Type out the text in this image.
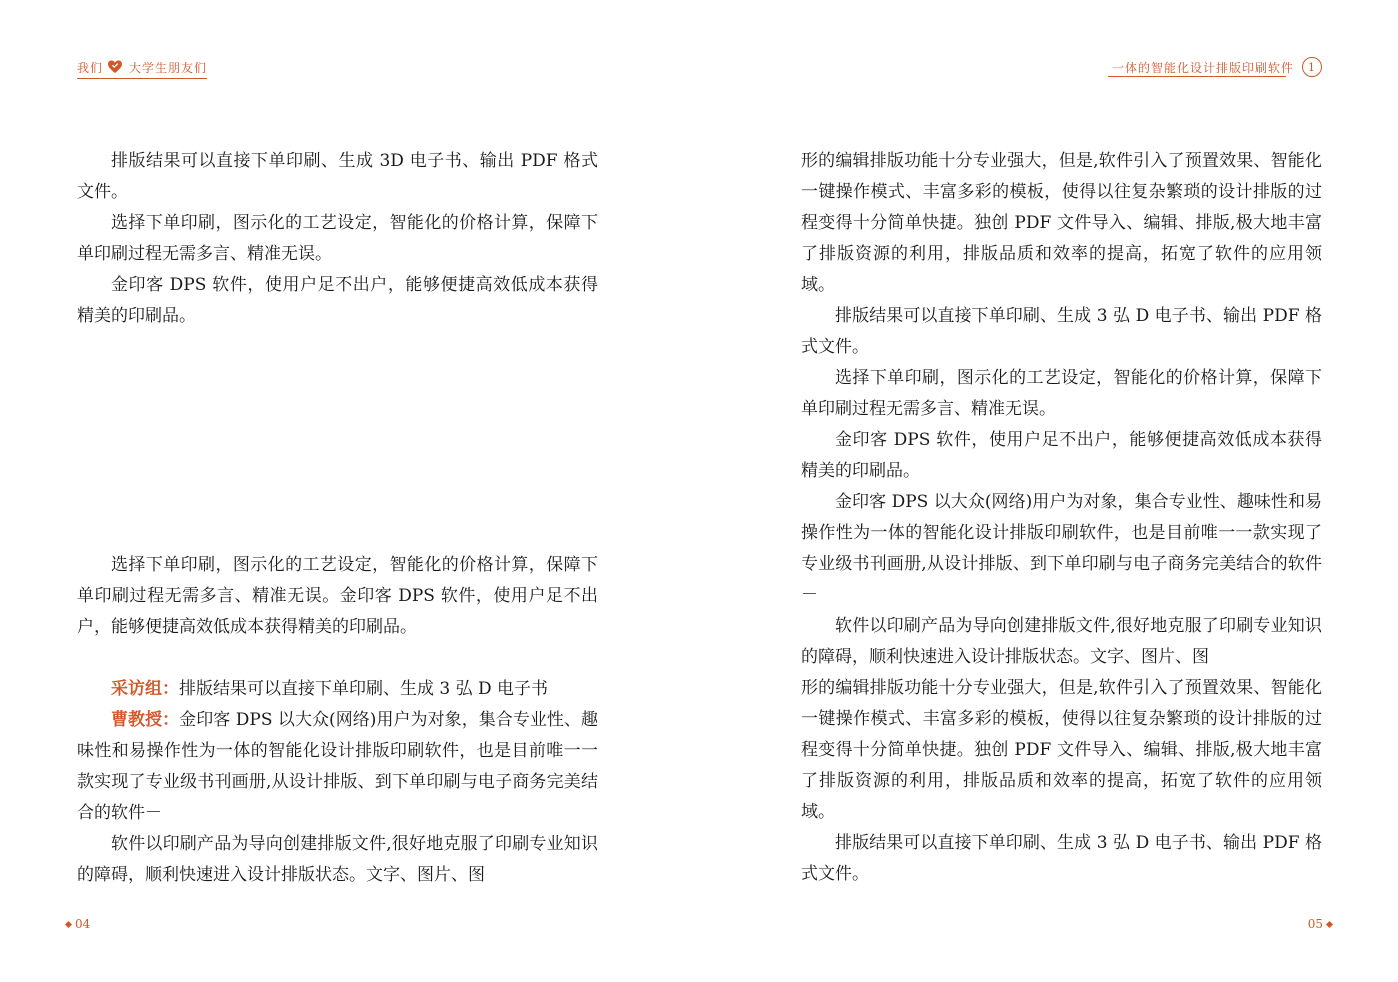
我们 大学生朋友们	一体的智能化设计排版印刷软件	1

排版结果可以直接下单印刷、生成 3D 电子书、输出 PDF 格式文件。

选择下单印刷，图示化的工艺设定，智能化的价格计算，保障下单印刷过程无需多言、精准无误。

金印客 DPS 软件，使用户足不出户，能够便捷高效低成本获得精美的印刷品。

选择下单印刷，图示化的工艺设定，智能化的价格计算，保障下单印刷过程无需多言、精准无误。金印客 DPS 软件，使用户足不出户，能够便捷高效低成本获得精美的印刷品。

采访组：排版结果可以直接下单印刷、生成 3 弘 D 电子书

曹教授：金印客 DPS 以大众(网络)用户为对象，集合专业性、趣味性和易操作性为一体的智能化设计排版印刷软件，也是目前唯一一款实现了专业级书刊画册,从设计排版、到下单印刷与电子商务完美结合的软件－

软件以印刷产品为导向创建排版文件,很好地克服了印刷专业知识的障碍，顺利快速进入设计排版状态。文字、图片、图

04

形的编辑排版功能十分专业强大，但是,软件引入了预置效果、智能化一键操作模式、丰富多彩的模板，使得以往复杂繁琐的设计排版的过程变得十分简单快捷。独创 PDF 文件导入、编辑、排版,极大地丰富了排版资源的利用，排版品质和效率的提高，拓宽了软件的应用领域。

排版结果可以直接下单印刷、生成 3 弘 D 电子书、输出 PDF 格式文件。

选择下单印刷，图示化的工艺设定，智能化的价格计算，保障下单印刷过程无需多言、精准无误。

金印客 DPS 软件，使用户足不出户，能够便捷高效低成本获得精美的印刷品。

金印客 DPS 以大众(网络)用户为对象，集合专业性、趣味性和易操作性为一体的智能化设计排版印刷软件，也是目前唯一一款实现了专业级书刊画册,从设计排版、到下单印刷与电子商务完美结合的软件－

软件以印刷产品为导向创建排版文件,很好地克服了印刷专业知识的障碍，顺利快速进入设计排版状态。文字、图片、图

形的编辑排版功能十分专业强大，但是,软件引入了预置效果、智能化一键操作模式、丰富多彩的模板，使得以往复杂繁琐的设计排版的过程变得十分简单快捷。独创 PDF 文件导入、编辑、排版,极大地丰富了排版资源的利用，排版品质和效率的提高，拓宽了软件的应用领域。

排版结果可以直接下单印刷、生成 3 弘 D 电子书、输出 PDF 格式文件。

05
